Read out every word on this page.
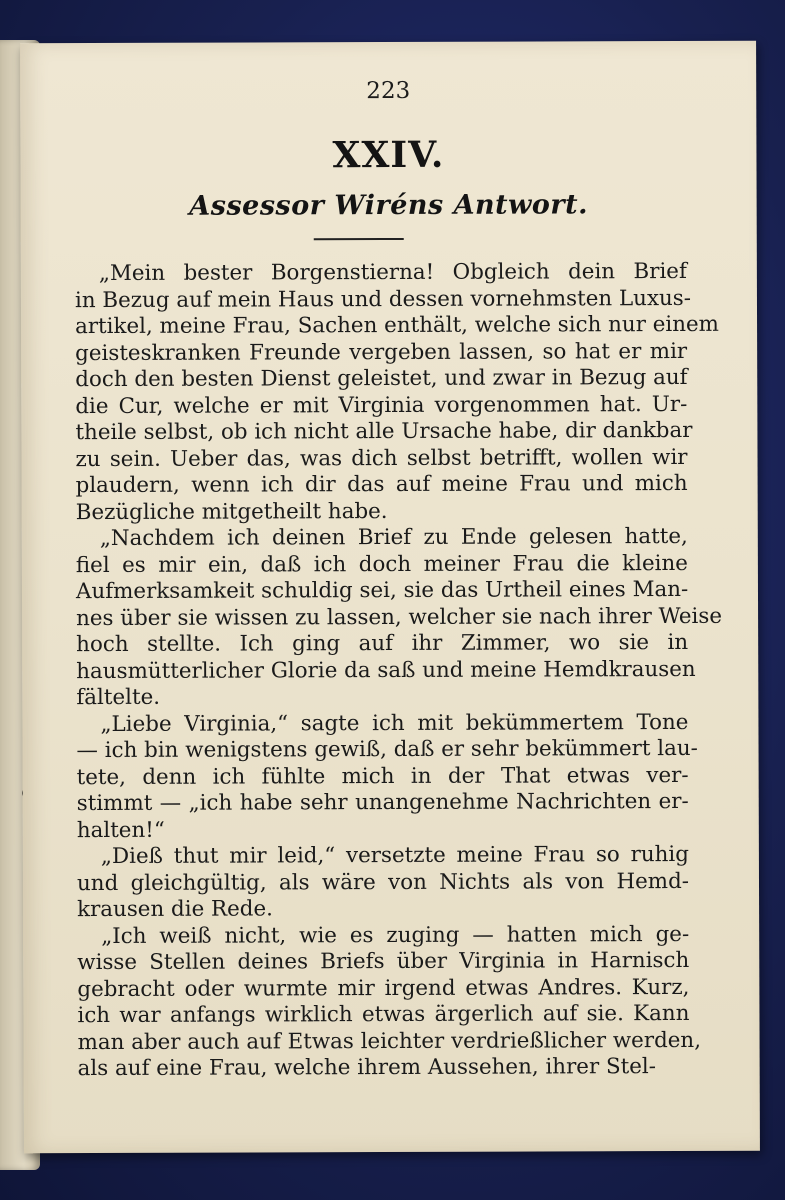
223
XXIV.
Assessor Wiréns Antwort.
„Mein bester Borgenstierna! Obgleich dein Brief
in Bezug auf mein Haus und dessen vornehmsten Luxus-
artikel, meine Frau, Sachen enthält, welche sich nur einem
geisteskranken Freunde vergeben lassen, so hat er mir
doch den besten Dienst geleistet, und zwar in Bezug auf
die Cur, welche er mit Virginia vorgenommen hat. Ur-
theile selbst, ob ich nicht alle Ursache habe, dir dankbar
zu sein. Ueber das, was dich selbst betrifft, wollen wir
plaudern, wenn ich dir das auf meine Frau und mich
Bezügliche mitgetheilt habe.
„Nachdem ich deinen Brief zu Ende gelesen hatte,
fiel es mir ein, daß ich doch meiner Frau die kleine
Aufmerksamkeit schuldig sei, sie das Urtheil eines Man-
nes über sie wissen zu lassen, welcher sie nach ihrer Weise
hoch stellte. Ich ging auf ihr Zimmer, wo sie in
hausmütterlicher Glorie da saß und meine Hemdkrausen
fältelte.
„Liebe Virginia,“ sagte ich mit bekümmertem Tone
— ich bin wenigstens gewiß, daß er sehr bekümmert lau-
tete, denn ich fühlte mich in der That etwas ver-
stimmt — „ich habe sehr unangenehme Nachrichten er-
halten!“
„Dieß thut mir leid,“ versetzte meine Frau so ruhig
und gleichgültig, als wäre von Nichts als von Hemd-
krausen die Rede.
„Ich weiß nicht, wie es zuging — hatten mich ge-
wisse Stellen deines Briefs über Virginia in Harnisch
gebracht oder wurmte mir irgend etwas Andres. Kurz,
ich war anfangs wirklich etwas ärgerlich auf sie. Kann
man aber auch auf Etwas leichter verdrießlicher werden,
als auf eine Frau, welche ihrem Aussehen, ihrer Stel-
